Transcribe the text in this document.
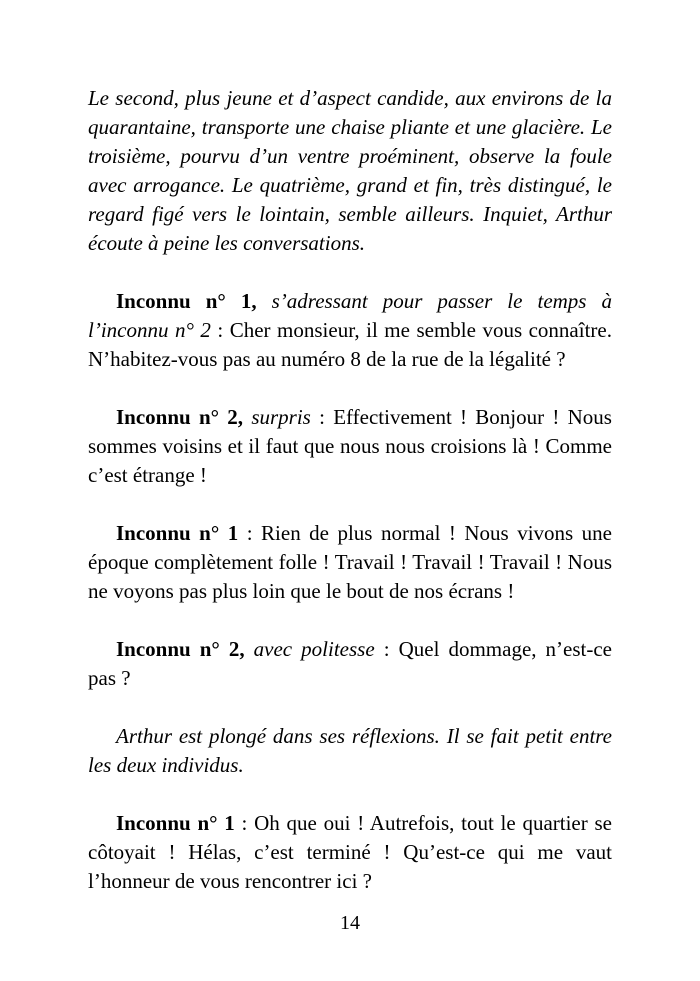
Le second, plus jeune et d’aspect candide, aux environs de la quarantaine, transporte une chaise pliante et une glacière. Le troisième, pourvu d’un ventre proéminent, observe la foule avec arrogance. Le quatrième, grand et fin, très distingué, le regard figé vers le lointain, semble ailleurs. Inquiet, Arthur écoute à peine les conversations.

Inconnu n° 1, s’adressant pour passer le temps à l’inconnu n° 2 : Cher monsieur, il me semble vous connaître. N’habitez-vous pas au numéro 8 de la rue de la légalité ?

Inconnu n° 2, surpris : Effectivement ! Bonjour ! Nous sommes voisins et il faut que nous nous croisions là ! Comme c’est étrange !

Inconnu n° 1 : Rien de plus normal ! Nous vivons une époque complètement folle ! Travail ! Travail ! Travail ! Nous ne voyons pas plus loin que le bout de nos écrans !

Inconnu n° 2, avec politesse : Quel dommage, n’est-ce pas ?

Arthur est plongé dans ses réflexions. Il se fait petit entre les deux individus.

Inconnu n° 1 : Oh que oui ! Autrefois, tout le quartier se côtoyait ! Hélas, c’est terminé ! Qu’est-ce qui me vaut l’honneur de vous rencontrer ici ?

14
